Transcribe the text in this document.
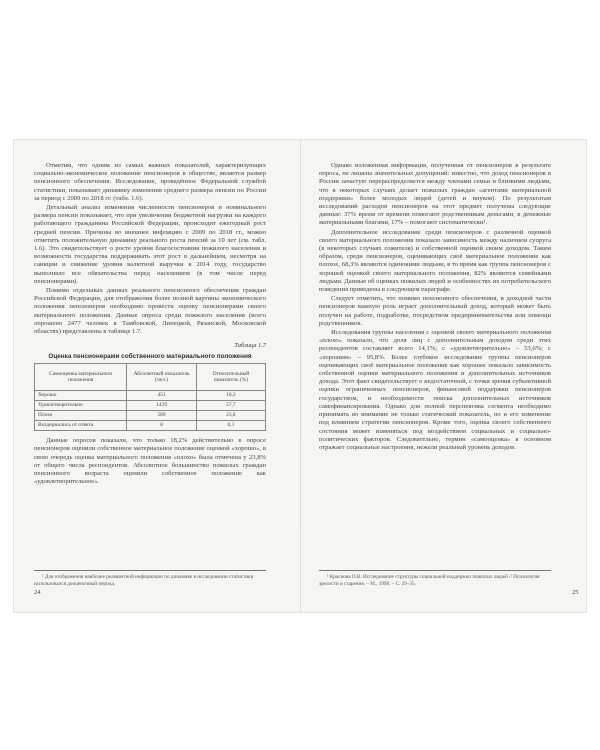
Отметим, что одним из самых важных показателей, характеризующих социально-экономическое положение пенсионеров в обществе, является размер пенсионного обеспечения. Исследование, проведённое Федеральной службой статистики, показывает динамику изменения среднего размера пенсии по России за период с 2009 по 2018 гг. (табл. 1.6).

Детальный анализ изменения численности пенсионеров и номинального размера пенсии показывает, что при увеличении бюджетной нагрузки на каждого работающего гражданина Российской Федерации, происходит ежегодный рост средней пенсии. Причины во внешнее инфляцию с 2009 по 2018 гг., можно отметить положительную динамику реального роста пенсий за 10 лет (см. табл. 1.6). Это свидетельствует о росте уровня благосостояния пожилого населения и возможности государства поддерживать этот рост в дальнейшем, несмотря на санкции и снижение уровня валютной выручки в 2014 году, государство выполняло все обязательства перед населением (в том числе перед пенсионерами).

Помимо отдельных данных реального пенсионного обеспечения граждан Российской Федерации, для отображения более полной картины экономического положения пенсионеров необходимо провести оценку пенсионерами своего материального положения. Данные опроса среди пожилого населения (всего опрошено 2477 человек в Тамбовской, Липецкой, Рязанской, Московской областях) представлены в таблице 1.7.

Таблица 1.7
Оценка пенсионерами собственного материального положения
Самооценка материального положения	Абсолютный показатель (чел.)	Относительный показатель (%)
Хорошо	451	18,2
Удовлетворительно	1429	57,7
Плохо	589	23,8
Воздержались от ответа	8	0,3

Данные опросов показали, что только 18,2% действительно в опросе пенсионеров оценили собственное материальное положение оценкой «хорошо», в свою очередь оценка материального положения «плохо» была отмечена у 23,8% от общего числа респондентов. Абсолютное большинство пожилых граждан пенсионного возраста оценили собственное положение как «удовлетворительное».

¹ Для отображения наиболее релевантной информации по динамике в исследовании статистики использовался дооценочный период.

24

Однако изложенная информация, полученная от пенсионеров в результате опроса, не лишена значительных допущений: известно, что доход пенсионеров в России зачастую перераспределяется между членами семьи и близкими людьми, что в некоторых случаях делает пожилых граждан «агентами материальной поддержки» более молодых людей (детей и внуков). По результатам исследований расходов пенсионеров на этот предмет получены следующие данные: 37% время от времени помогают родственникам деньгами, в денежные материальными благами, 17% – помогают систематически¹.

Дополнительное исследование среди пенсионеров с различной оценкой своего материального положения показало зависимость между наличием супруга (в некоторых случаях сожителя) и собственной оценкой своим доходом. Таким образом, среди пенсионеров, оценивающих своё материальное положение как плохое, 68,3% являются одинокими людьми, в то время как группа пенсионеров с хорошей оценкой своего материального положения, 82% являются семейными людьми. Данные об оценках пожилых людей и особенностях их потребительского поведения приведены в следующем параграфе.

Следует отметить, что помимо пенсионного обеспечения, в доходной части пенсионеров важную роль играет дополнительный доход, который может быть получен на работе, подработке, посредством предпринимательства или помощи родственников.

Исследования группы населения с оценкой своего материального положения «плохо» показало, что доля лиц с дополнительным доходом среди этих респондентов составляет всего 14,1%; с «удовлетворительно» – 53,6%; с «хорошим» – 95,8%. Более глубокое исследование группы пенсионеров оценивающих своё материальное положение как хорошее показало зависимость собственной оценки материального положения и дополнительных источников дохода. Этот факт свидетельствует о недостаточной, с точки зрения субъективной оценки ограниченных пенсионеров, финансовой поддержки пенсионеров государством, и необходимости поиска дополнительных источников самофинансирования. Однако для полной перспектива сегмента необходимо принимать во внимание не только статический показатель, но и его изменение под влиянием стратегии пенсионеров. Кроме того, оценка своего собственного состояния может изменяться под воздействием социальных и социально-политических факторов. Следовательно, термин «самооценка» в основном отражает социальные настроения, нежели реальный уровень доходов.

¹ Краснова О.В. Исследование структуры социальной поддержки пожилых людей // Психология зрелости и старения. – М., 1998. – С. 29–35.

25
